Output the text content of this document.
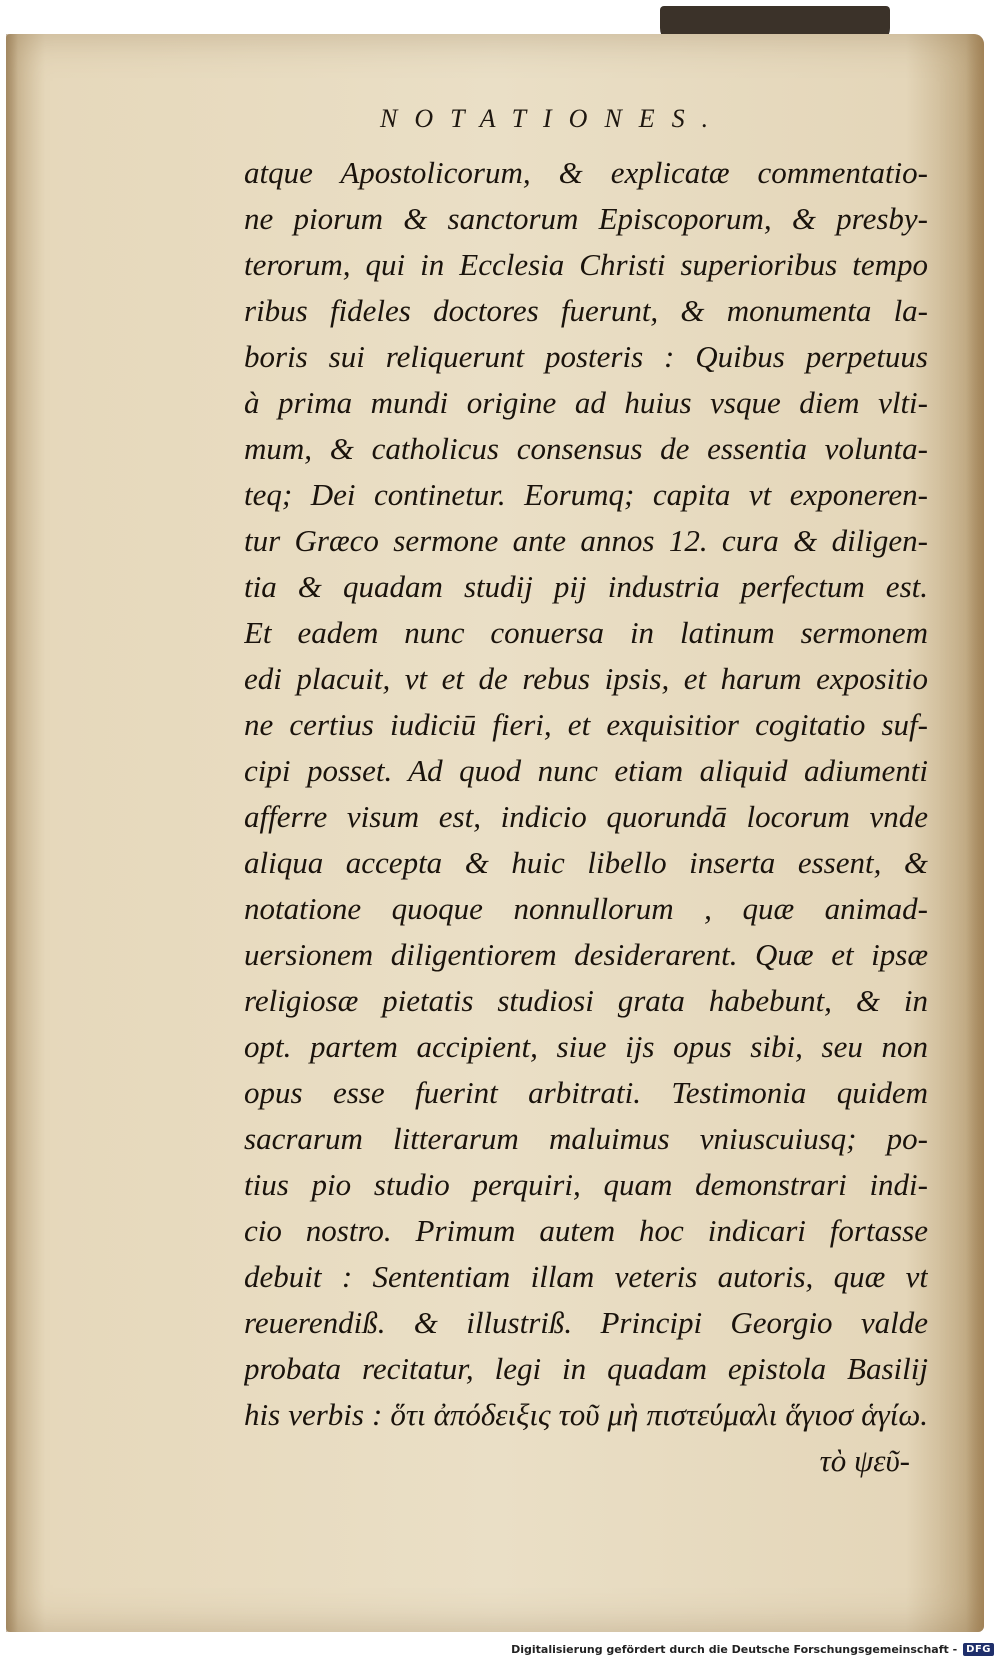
NOTATIONES.
atque Apostolicorum, & explicatæ commentatio-
ne piorum & sanctorum Episcoporum, & presby-
terorum, qui in Ecclesia Christi superioribus tempo
ribus fideles doctores fuerunt, & monumenta la-
boris sui reliquerunt posteris : Quibus perpetuus
à prima mundi origine ad huius vsque diem vlti-
mum, & catholicus consensus de essentia volunta-
teq; Dei continetur. Eorumq; capita vt exponeren-
tur Græco sermone ante annos 12. cura & diligen-
tia & quadam studij pij industria perfectum est.
Et eadem nunc conuersa in latinum sermonem
edi placuit, vt et de rebus ipsis, et harum expositio
ne certius iudiciū fieri, et exquisitior cogitatio suf-
cipi posset. Ad quod nunc etiam aliquid adiumenti
afferre visum est, indicio quorundā locorum vnde
aliqua accepta & huic libello inserta essent, &
notatione quoque nonnullorum , quæ animad-
uersionem diligentiorem desiderarent. Quæ et ipsæ
religiosæ pietatis studiosi grata habebunt, & in
opt. partem accipient, siue ijs opus sibi, seu non
opus esse fuerint arbitrati. Testimonia quidem
sacrarum litterarum maluimus vniuscuiusq; po-
tius pio studio perquiri, quam demonstrari indi-
cio nostro. Primum autem hoc indicari fortasse
debuit : Sententiam illam veteris autoris, quæ vt
reuerendiß. & illustriß. Principi Georgio valde
probata recitatur, legi in quadam epistola Basilij
his verbis : ὅτι ἀπόδειξις τοῦ μὴ πιστεύμαλι ἅγιοσ ἁγίω.
τὸ ψεῦ-
Digitalisierung gefördert durch die Deutsche Forschungsgemeinschaft - DFG
